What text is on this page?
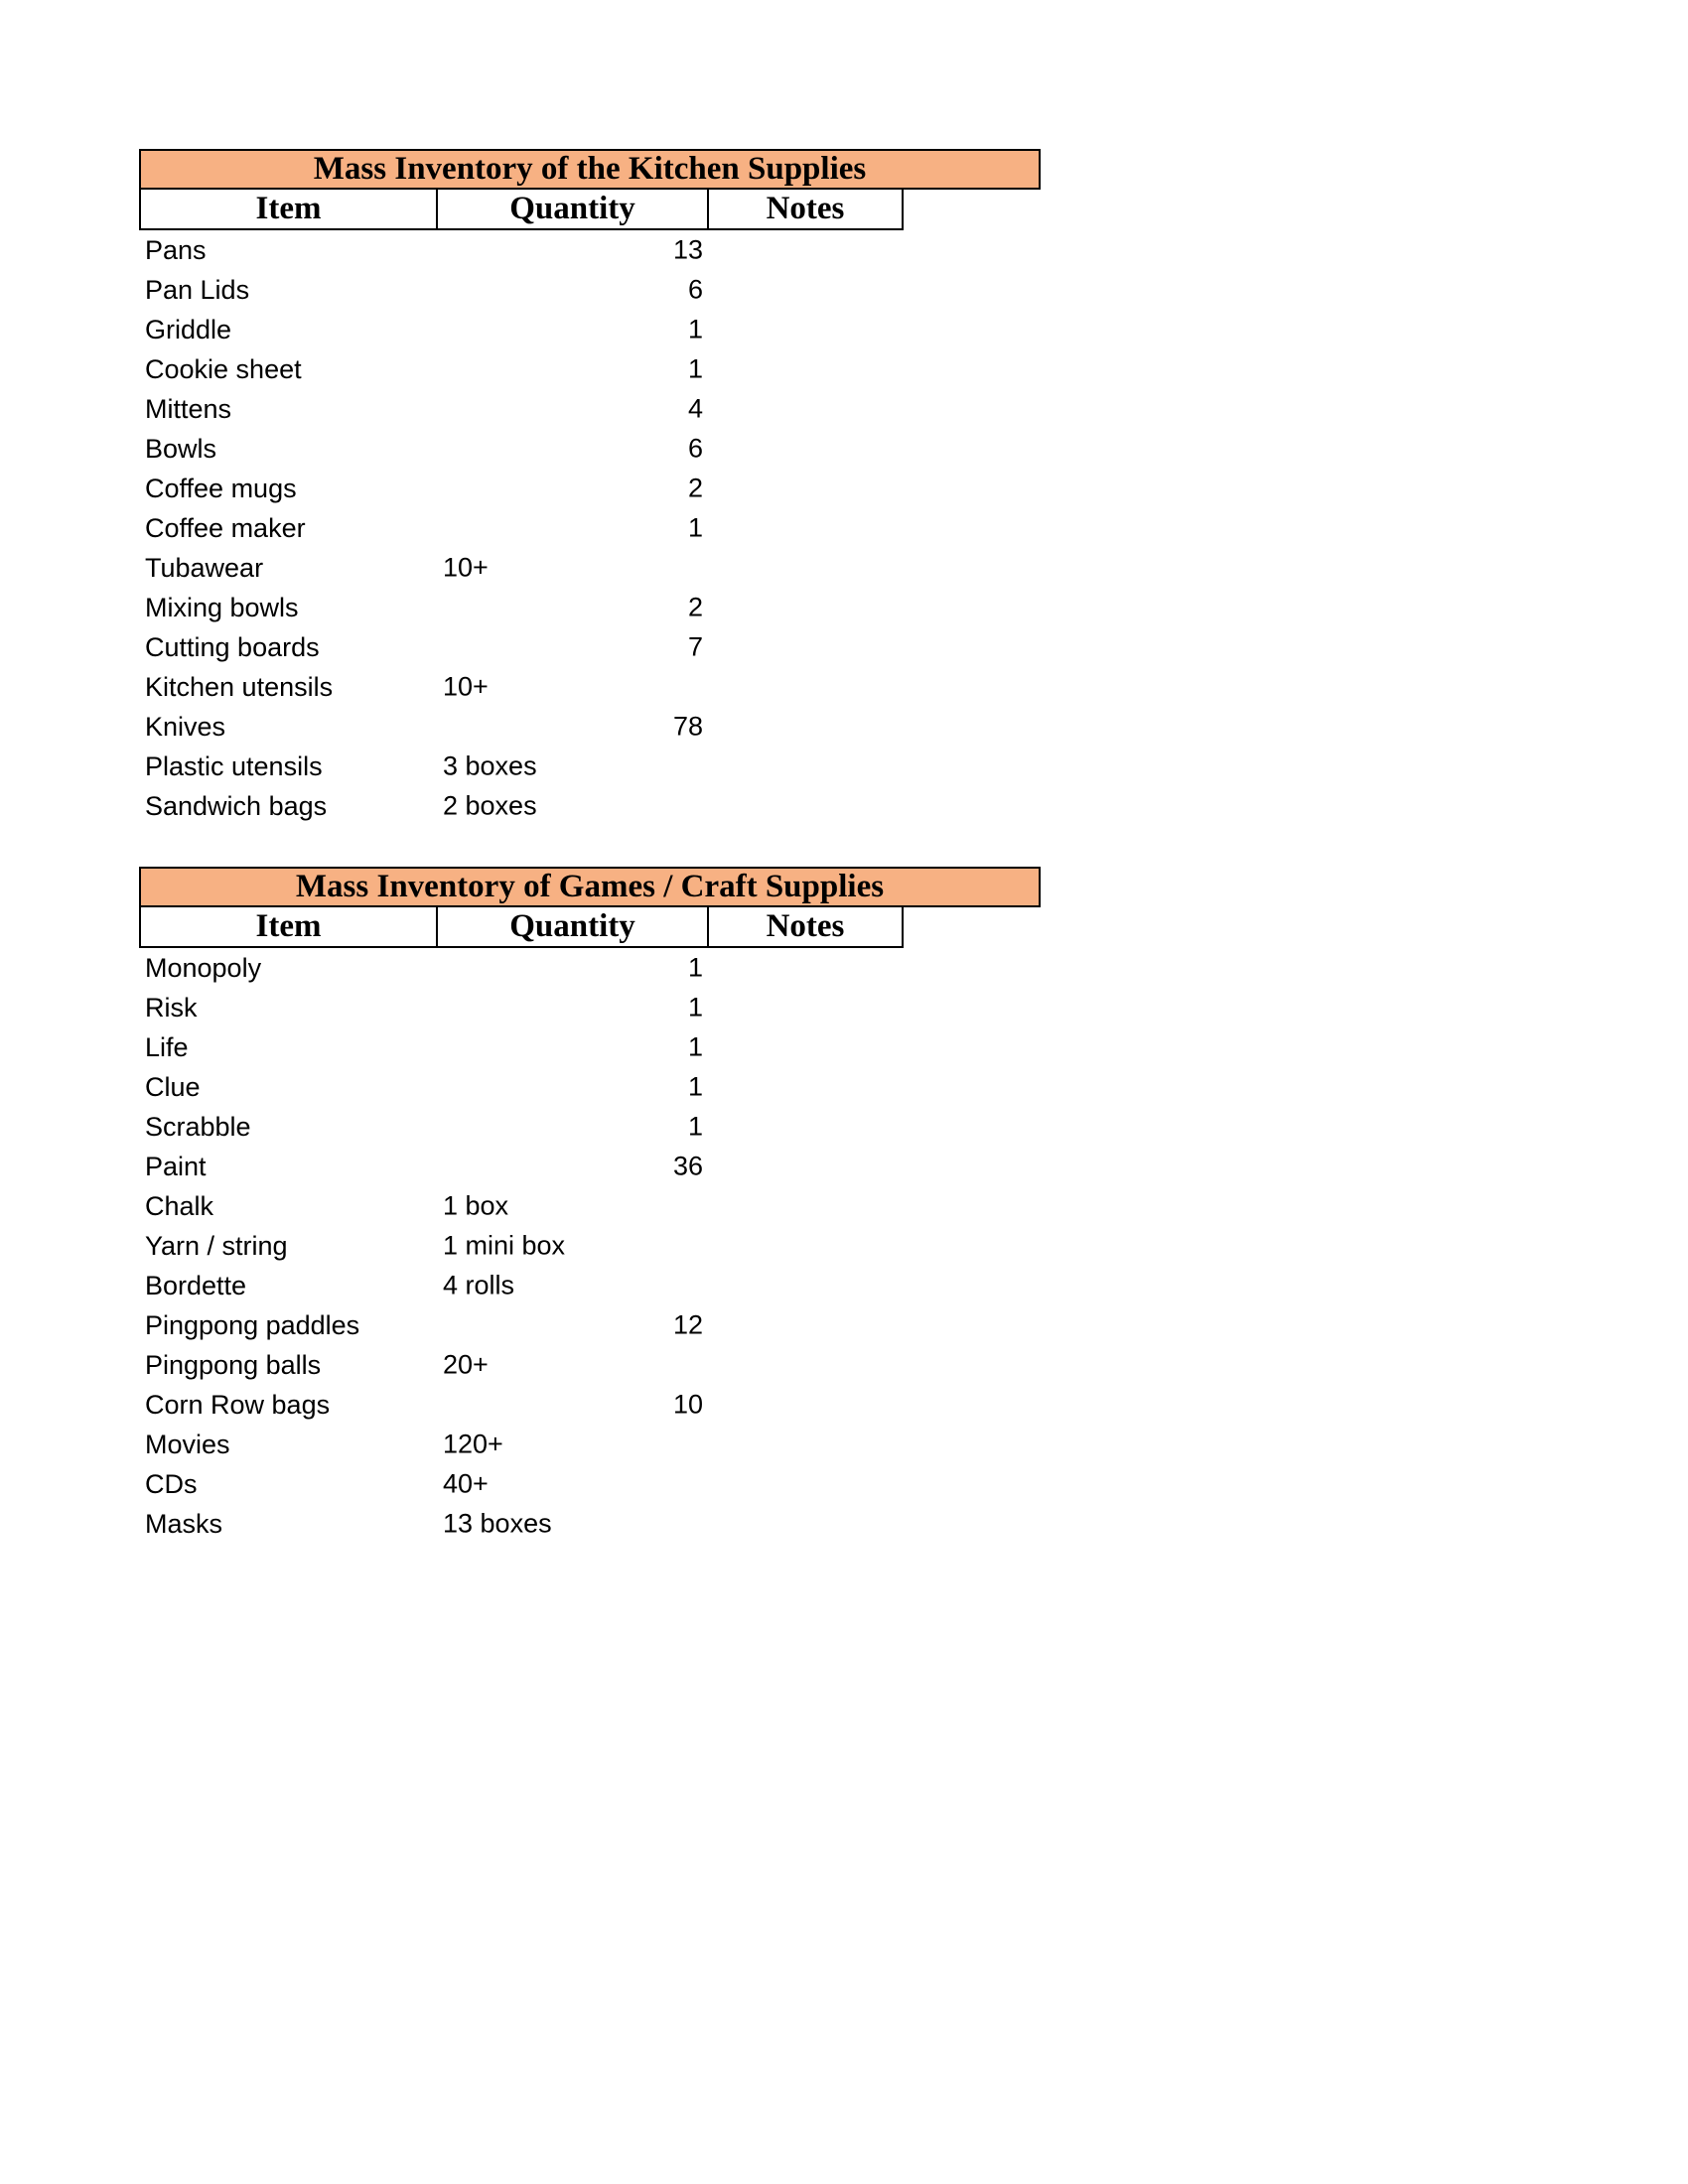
Mass Inventory of the Kitchen Supplies
Item	Quantity	Notes
Pans	13
Pan Lids	6
Griddle	1
Cookie sheet	1
Mittens	4
Bowls	6
Coffee mugs	2
Coffee maker	1
Tubawear	10+
Mixing bowls	2
Cutting boards	7
Kitchen utensils	10+
Knives	78
Plastic utensils	3 boxes
Sandwich bags	2 boxes
Mass Inventory of Games / Craft Supplies
Item	Quantity	Notes
Monopoly	1
Risk	1
Life	1
Clue	1
Scrabble	1
Paint	36
Chalk	1 box
Yarn / string	1 mini box
Bordette	4 rolls
Pingpong paddles	12
Pingpong balls	20+
Corn Row bags	10
Movies	120+
CDs	40+
Masks	13 boxes
